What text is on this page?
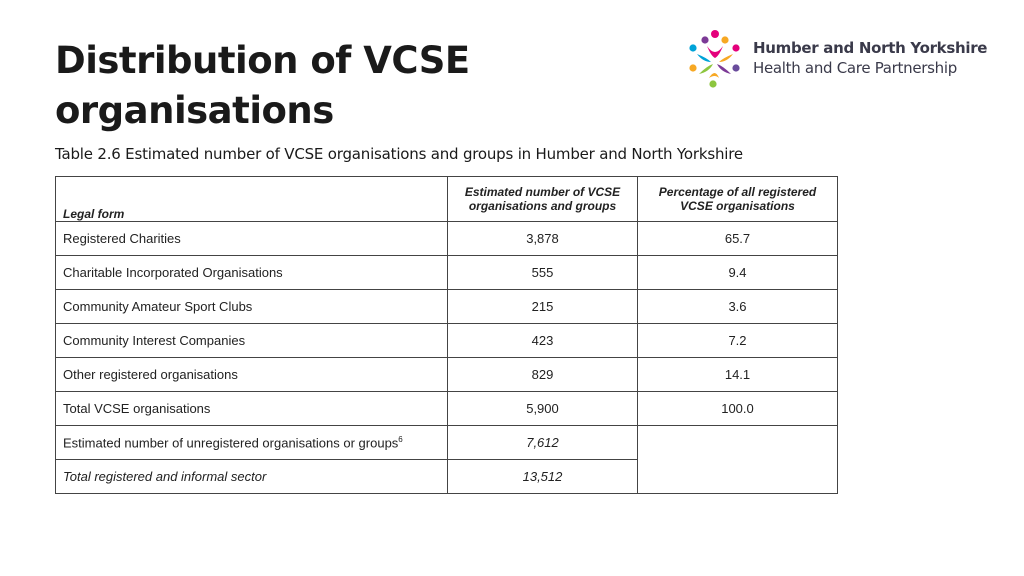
Distribution of VCSE organisations
Humber and North Yorkshire
Health and Care Partnership
Table 2.6 Estimated number of VCSE organisations and groups in Humber and North Yorkshire
Legal form	Estimated number of VCSE organisations and groups	Percentage of all registered VCSE organisations
Registered Charities	3,878	65.7
Charitable Incorporated Organisations	555	9.4
Community Amateur Sport Clubs	215	3.6
Community Interest Companies	423	7.2
Other registered organisations	829	14.1
Total VCSE organisations	5,900	100.0
Estimated number of unregistered organisations or groups$^6$	7,612	
Total registered and informal sector	13,512	
